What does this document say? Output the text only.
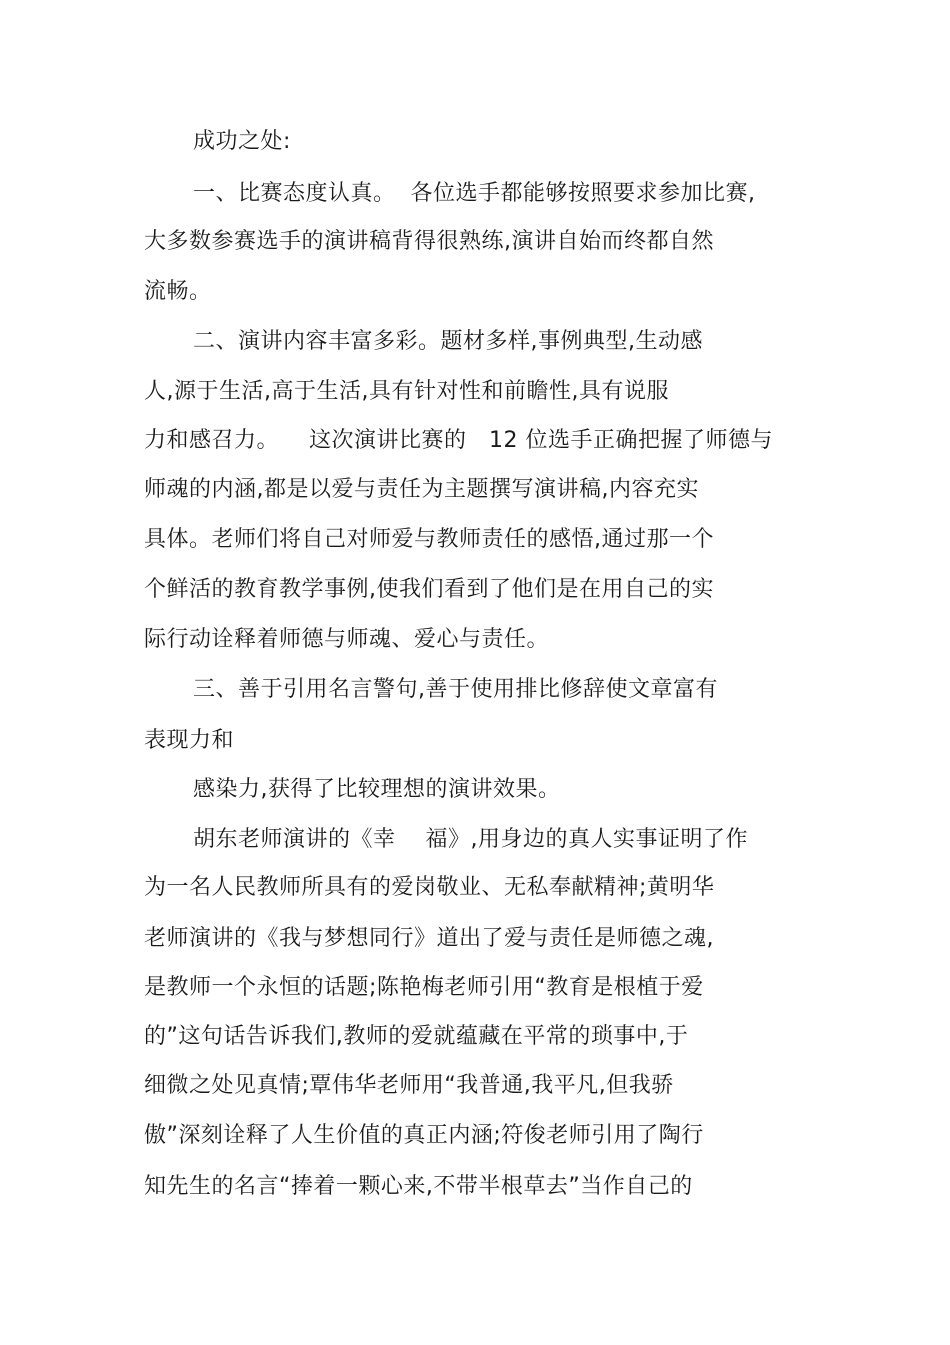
成功之处:

一、比赛态度认真。  各位选手都能够按照要求参加比赛,

大多数参赛选手的演讲稿背得很熟练,演讲自始而终都自然

流畅。

二、演讲内容丰富多彩。题材多样,事例典型,生动感

人,源于生活,高于生活,具有针对性和前瞻性,具有说服

力和感召力。    这次演讲比赛的   12 位选手正确把握了师德与

师魂的内涵,都是以爱与责任为主题撰写演讲稿,内容充实

具体。老师们将自己对师爱与教师责任的感悟,通过那一个

个鲜活的教育教学事例,使我们看到了他们是在用自己的实

际行动诠释着师德与师魂、爱心与责任。

三、善于引用名言警句,善于使用排比修辞使文章富有

表现力和

感染力,获得了比较理想的演讲效果。

胡东老师演讲的《幸    福》,用身边的真人实事证明了作

为一名人民教师所具有的爱岗敬业、无私奉献精神;黄明华

老师演讲的《我与梦想同行》道出了爱与责任是师德之魂,

是教师一个永恒的话题;陈艳梅老师引用“教育是根植于爱

的”这句话告诉我们,教师的爱就蕴藏在平常的琐事中,于

细微之处见真情;覃伟华老师用“我普通,我平凡,但我骄

傲”深刻诠释了人生价值的真正内涵;符俊老师引用了陶行

知先生的名言“捧着一颗心来,不带半根草去”当作自己的
